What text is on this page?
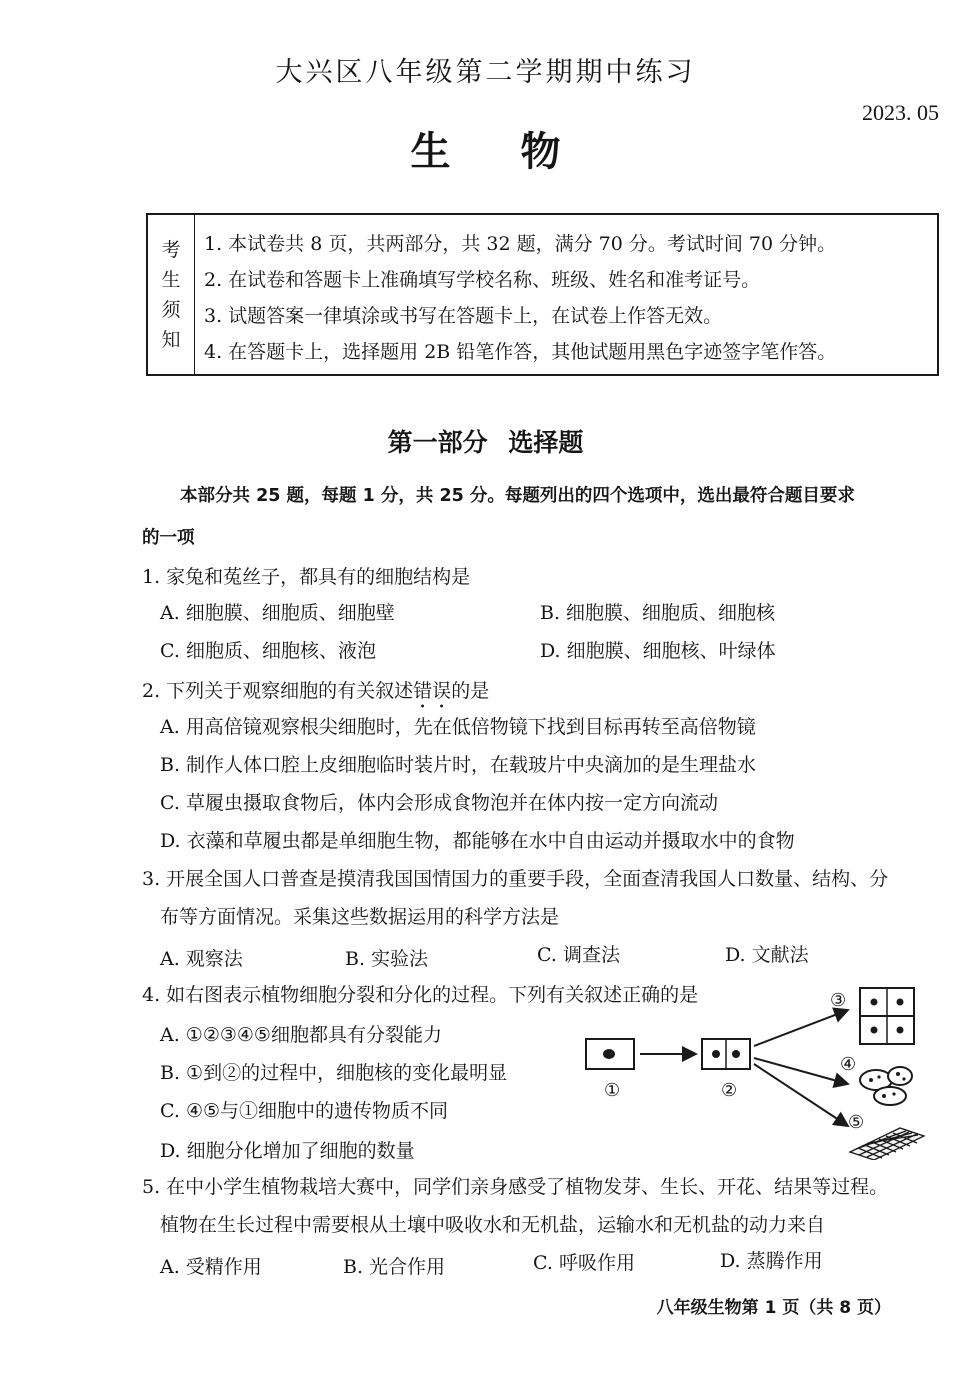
大兴区八年级第二学期期中练习
2023. 05
生物
考生须知
1. 本试卷共 8 页，共两部分，共 32 题，满分 70 分。考试时间 70 分钟。
2. 在试卷和答题卡上准确填写学校名称、班级、姓名和准考证号。
3. 试题答案一律填涂或书写在答题卡上，在试卷上作答无效。
4. 在答题卡上，选择题用 2B 铅笔作答，其他试题用黑色字迹签字笔作答。
第一部分 选择题
本部分共 25 题，每题 1 分，共 25 分。每题列出的四个选项中，选出最符合题目要求
的一项
1. 家兔和菟丝子，都具有的细胞结构是
A. 细胞膜、细胞质、细胞壁	B. 细胞膜、细胞质、细胞核
C. 细胞质、细胞核、液泡	D. 细胞膜、细胞核、叶绿体
2. 下列关于观察细胞的有关叙述错误的是
A. 用高倍镜观察根尖细胞时，先在低倍物镜下找到目标再转至高倍物镜
B. 制作人体口腔上皮细胞临时装片时，在载玻片中央滴加的是生理盐水
C. 草履虫摄取食物后，体内会形成食物泡并在体内按一定方向流动
D. 衣藻和草履虫都是单细胞生物，都能够在水中自由运动并摄取水中的食物
3. 开展全国人口普查是摸清我国国情国力的重要手段，全面查清我国人口数量、结构、分
布等方面情况。采集这些数据运用的科学方法是
A. 观察法	B. 实验法	C. 调查法	D. 文献法
4. 如右图表示植物细胞分裂和分化的过程。下列有关叙述正确的是
A. ①②③④⑤细胞都具有分裂能力
B. ①到②的过程中，细胞核的变化最明显
C. ④⑤与①细胞中的遗传物质不同
D. 细胞分化增加了细胞的数量
①	②
③
④
⑤
5. 在中小学生植物栽培大赛中，同学们亲身感受了植物发芽、生长、开花、结果等过程。
植物在生长过程中需要根从土壤中吸收水和无机盐，运输水和无机盐的动力来自
A. 受精作用	B. 光合作用	C. 呼吸作用	D. 蒸腾作用
八年级生物第 1 页（共 8 页）
